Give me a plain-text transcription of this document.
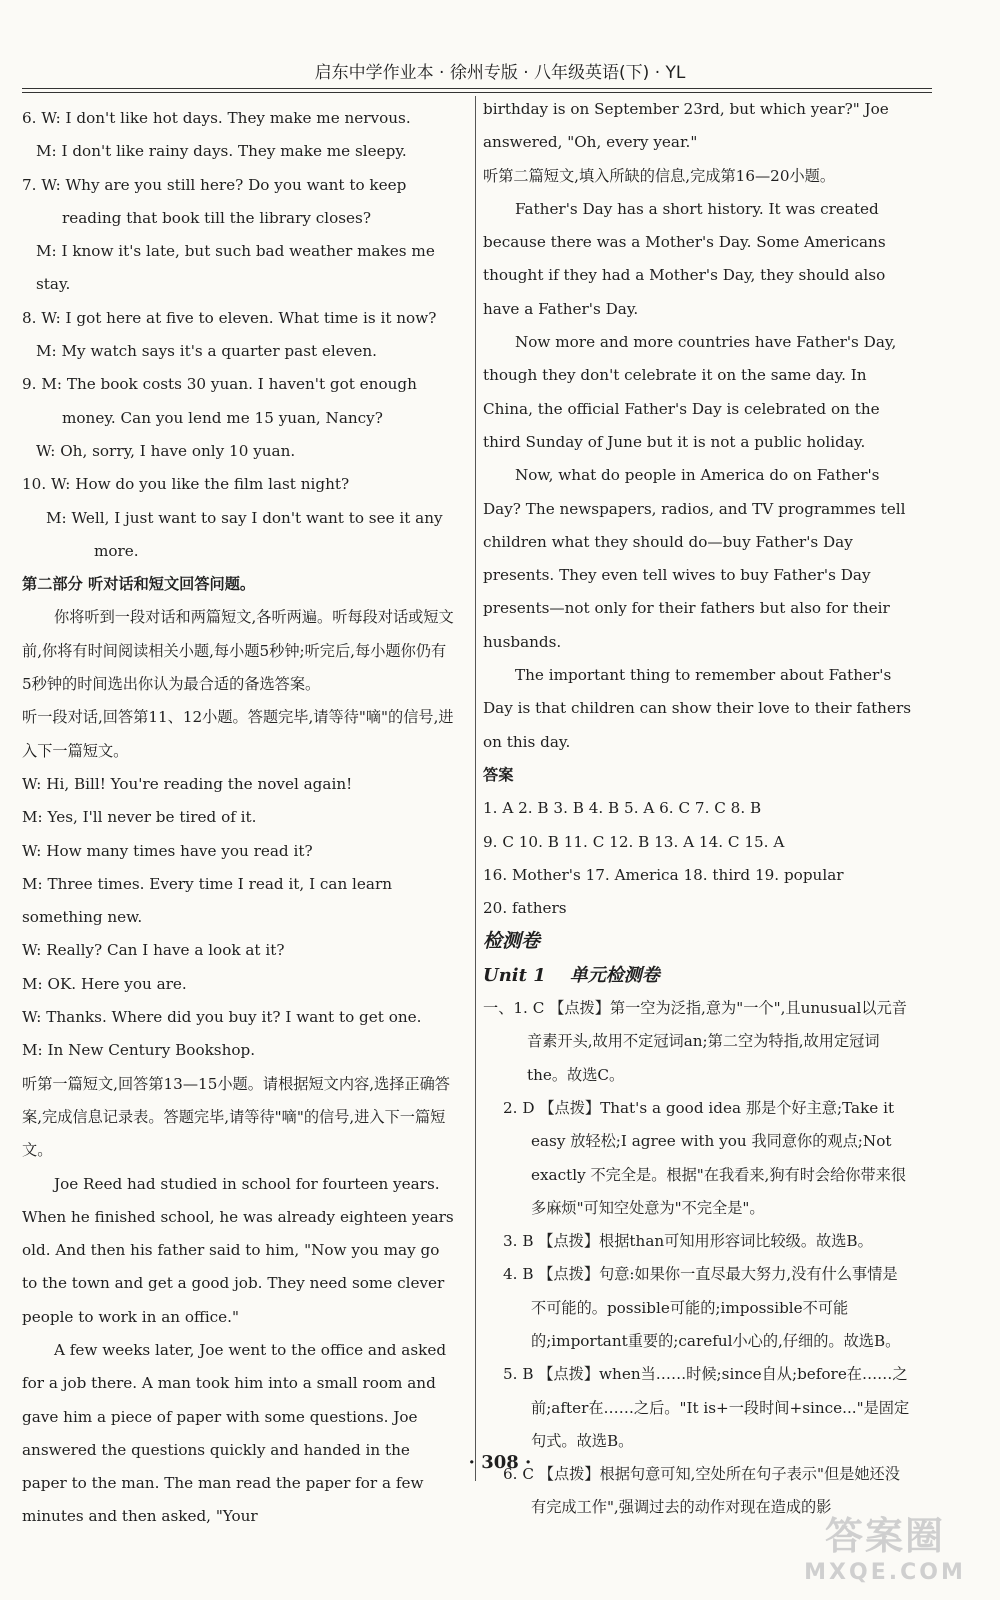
启东中学作业本 · 徐州专版 · 八年级英语(下) · YL

6. W: I don't like hot days. They make me nervous.

M: I don't like rainy days. They make me sleepy.

7. W: Why are you still here? Do you want to keep reading that book till the library closes?

M: I know it's late, but such bad weather makes me stay.

8. W: I got here at five to eleven. What time is it now?

M: My watch says it's a quarter past eleven.

9. M: The book costs 30 yuan. I haven't got enough money. Can you lend me 15 yuan, Nancy?

W: Oh, sorry, I have only 10 yuan.

10. W: How do you like the film last night?

M: Well, I just want to say I don't want to see it any more.

第二部分 听对话和短文回答问题。

你将听到一段对话和两篇短文,各听两遍。听每段对话或短文前,你将有时间阅读相关小题,每小题5秒钟;听完后,每小题你仍有5秒钟的时间选出你认为最合适的备选答案。

听一段对话,回答第11、12小题。答题完毕,请等待"嘀"的信号,进入下一篇短文。

W: Hi, Bill! You're reading the novel again!

M: Yes, I'll never be tired of it.

W: How many times have you read it?

M: Three times. Every time I read it, I can learn something new.

W: Really? Can I have a look at it?

M: OK. Here you are.

W: Thanks. Where did you buy it? I want to get one.

M: In New Century Bookshop.

听第一篇短文,回答第13—15小题。请根据短文内容,选择正确答案,完成信息记录表。答题完毕,请等待"嘀"的信号,进入下一篇短文。

Joe Reed had studied in school for fourteen years. When he finished school, he was already eighteen years old. And then his father said to him, "Now you may go to the town and get a good job. They need some clever people to work in an office."

A few weeks later, Joe went to the office and asked for a job there. A man took him into a small room and gave him a piece of paper with some questions. Joe answered the questions quickly and handed in the paper to the man. The man read the paper for a few minutes and then asked, "Your

birthday is on September 23rd, but which year?" Joe answered, "Oh, every year."

听第二篇短文,填入所缺的信息,完成第16—20小题。

Father's Day has a short history. It was created because there was a Mother's Day. Some Americans thought if they had a Mother's Day, they should also have a Father's Day.

Now more and more countries have Father's Day, though they don't celebrate it on the same day. In China, the official Father's Day is celebrated on the third Sunday of June but it is not a public holiday.

Now, what do people in America do on Father's Day? The newspapers, radios, and TV programmes tell children what they should do—buy Father's Day presents. They even tell wives to buy Father's Day presents—not only for their fathers but also for their husbands.

The important thing to remember about Father's Day is that children can show their love to their fathers on this day.

答案

1. A 2. B 3. B 4. B 5. A 6. C 7. C 8. B

9. C 10. B 11. C 12. B 13. A 14. C 15. A

16. Mother's 17. America 18. third 19. popular

20. fathers

检测卷

Unit 1 单元检测卷

一、1. C 【点拨】第一空为泛指,意为"一个",且unusual以元音音素开头,故用不定冠词an;第二空为特指,故用定冠词the。故选C。

2. D 【点拨】That's a good idea 那是个好主意;Take it easy 放轻松;I agree with you 我同意你的观点;Not exactly 不完全是。根据"在我看来,狗有时会给你带来很多麻烦"可知空处意为"不完全是"。

3. B 【点拨】根据than可知用形容词比较级。故选B。

4. B 【点拨】句意:如果你一直尽最大努力,没有什么事情是不可能的。possible可能的;impossible不可能的;important重要的;careful小心的,仔细的。故选B。

5. B 【点拨】when当……时候;since自从;before在……之前;after在……之后。"It is+一段时间+since..."是固定句式。故选B。

6. C 【点拨】根据句意可知,空处所在句子表示"但是她还没有完成工作",强调过去的动作对现在造成的影

· 308 ·
答案圈
MXQE.COM
